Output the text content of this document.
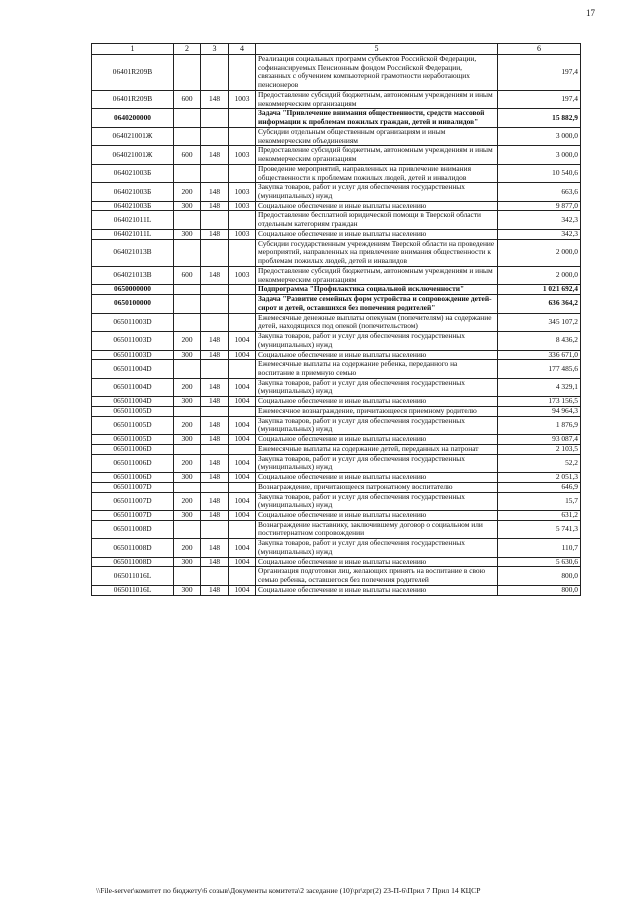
17
1	2	3	4	5	6
06401R209B				Реализация социальных программ субъектов Российской Федерации, софинансируемых Пенсионным фондом Российской Федерации, связанных с обучением компьютерной грамотности неработающих пенсионеров	197,4
06401R209B	600	148	1003	Предоставление субсидий бюджетным, автономным учреждениям и иным некоммерческим организациям	197,4
0640200000				Задача "Привлечение внимания общественности, средств массовой информации к проблемам пожилых граждан, детей и инвалидов"	15 882,9
064021001Ж				Субсидии отдельным общественным организациям и иным некоммерческим объединениям	3 000,0
064021001Ж	600	148	1003	Предоставление субсидий бюджетным, автономным учреждениям и иным некоммерческим организациям	3 000,0
064021003Б				Проведение мероприятий, направленных на привлечение внимания общественности к проблемам пожилых людей, детей и инвалидов	10 540,6
064021003Б	200	148	1003	Закупка товаров, работ и услуг для обеспечения государственных (муниципальных) нужд	663,6
064021003Б	300	148	1003	Социальное обеспечение и иные выплаты населению	9 877,0
064021011L				Предоставление бесплатной юридической помощи в Тверской области отдельным категориям граждан	342,3
064021011L	300	148	1003	Социальное обеспечение и иные выплаты населению	342,3
064021013B				Субсидии государственным учреждениям Тверской области на проведение мероприятий, направленных на привлечение внимания общественности к проблемам пожилых людей, детей и инвалидов	2 000,0
064021013B	600	148	1003	Предоставление субсидий бюджетным, автономным учреждениям и иным некоммерческим организациям	2 000,0
0650000000				Подпрограмма "Профилактика социальной исключенности"	1 021 692,4
0650100000				Задача "Развитие семейных форм устройства и сопровождение детей-сирот и детей, оставшихся без попечения родителей"	636 364,2
065011003D				Ежемесячные денежные выплаты опекунам (попечителям) на содержание детей, находящихся под опекой (попечительством)	345 107,2
065011003D	200	148	1004	Закупка товаров, работ и услуг для обеспечения государственных (муниципальных) нужд	8 436,2
065011003D	300	148	1004	Социальное обеспечение и иные выплаты населению	336 671,0
065011004D				Ежемесячные выплаты на содержание ребенка, переданного на воспитание в приемную семью	177 485,6
065011004D	200	148	1004	Закупка товаров, работ и услуг для обеспечения государственных (муниципальных) нужд	4 329,1
065011004D	300	148	1004	Социальное обеспечение и иные выплаты населению	173 156,5
065011005D				Ежемесячное вознаграждение, причитающееся приемному родителю	94 964,3
065011005D	200	148	1004	Закупка товаров, работ и услуг для обеспечения государственных (муниципальных) нужд	1 876,9
065011005D	300	148	1004	Социальное обеспечение и иные выплаты населению	93 087,4
065011006D				Ежемесячные выплаты на содержание детей, переданных на патронат	2 103,5
065011006D	200	148	1004	Закупка товаров, работ и услуг для обеспечения государственных (муниципальных) нужд	52,2
065011006D	300	148	1004	Социальное обеспечение и иные выплаты населению	2 051,3
065011007D				Вознаграждение, причитающееся патронатному воспитателю	646,9
065011007D	200	148	1004	Закупка товаров, работ и услуг для обеспечения государственных (муниципальных) нужд	15,7
065011007D	300	148	1004	Социальное обеспечение и иные выплаты населению	631,2
065011008D				Вознаграждение наставнику, заключившему договор о социальном или постинтернатном сопровождении	5 741,3
065011008D	200	148	1004	Закупка товаров, работ и услуг для обеспечения государственных (муниципальных) нужд	110,7
065011008D	300	148	1004	Социальное обеспечение и иные выплаты населению	5 630,6
065011016L				Организация подготовки лиц, желающих принять на воспитание в свою семью ребенка, оставшегося без попечения родителей	800,0
065011016L	300	148	1004	Социальное обеспечение и иные выплаты населению	800,0
\\File-server\комитет по бюджету\6 созыв\Документы комитета\2 заседание (10)\pr\zpr(2) 23-П-6\Прил 7 Прил 14 КЦСР
